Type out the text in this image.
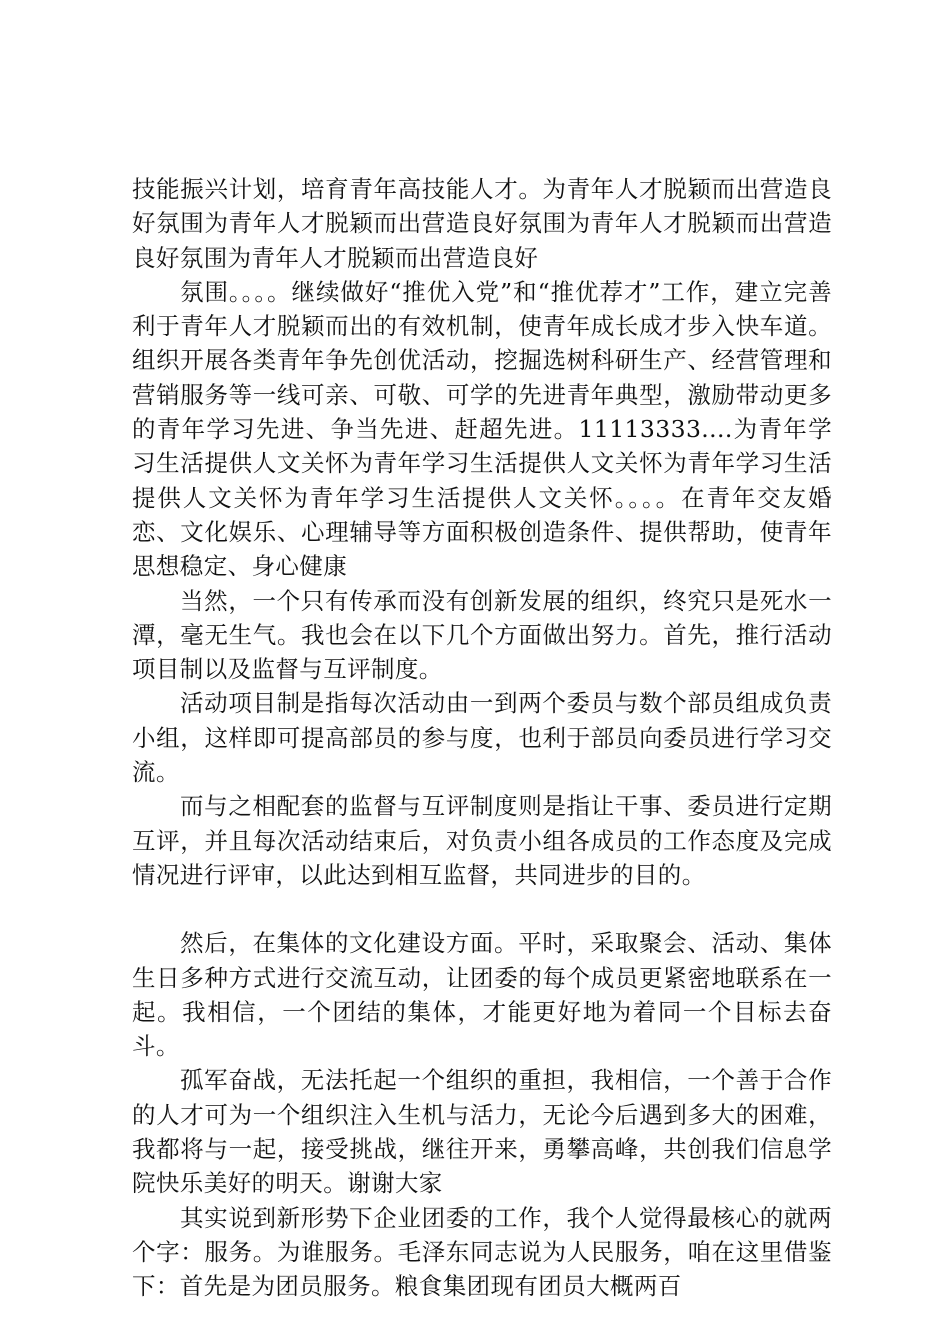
技能振兴计划，培育青年高技能人才。为青年人才脱颖而出营造良好氛围为青年人才脱颖而出营造良好氛围为青年人才脱颖而出营造良好氛围为青年人才脱颖而出营造良好

氛围。。。。继续做好“推优入党”和“推优荐才”工作，建立完善利于青年人才脱颖而出的有效机制，使青年成长成才步入快车道。组织开展各类青年争先创优活动，挖掘选树科研生产、经营管理和营销服务等一线可亲、可敬、可学的先进青年典型，激励带动更多的青年学习先进、争当先进、赶超先进。11113333....为青年学习生活提供人文关怀为青年学习生活提供人文关怀为青年学习生活提供人文关怀为青年学习生活提供人文关怀。。。。在青年交友婚恋、文化娱乐、心理辅导等方面积极创造条件、提供帮助，使青年思想稳定、身心健康

当然，一个只有传承而没有创新发展的组织，终究只是死水一潭，毫无生气。我也会在以下几个方面做出努力。首先，推行活动项目制以及监督与互评制度。

活动项目制是指每次活动由一到两个委员与数个部员组成负责小组，这样即可提高部员的参与度，也利于部员向委员进行学习交流。

而与之相配套的监督与互评制度则是指让干事、委员进行定期互评，并且每次活动结束后，对负责小组各成员的工作态度及完成情况进行评审，以此达到相互监督，共同进步的目的。

然后，在集体的文化建设方面。平时，采取聚会、活动、集体生日多种方式进行交流互动，让团委的每个成员更紧密地联系在一起。我相信，一个团结的集体，才能更好地为着同一个目标去奋斗。

孤军奋战，无法托起一个组织的重担，我相信，一个善于合作的人才可为一个组织注入生机与活力，无论今后遇到多大的困难，我都将与一起，接受挑战，继往开来，勇攀高峰，共创我们信息学院快乐美好的明天。谢谢大家

其实说到新形势下企业团委的工作，我个人觉得最核心的就两个字：服务。为谁服务。毛泽东同志说为人民服务，咱在这里借鉴下：首先是为团员服务。粮食集团现有团员大概两百
